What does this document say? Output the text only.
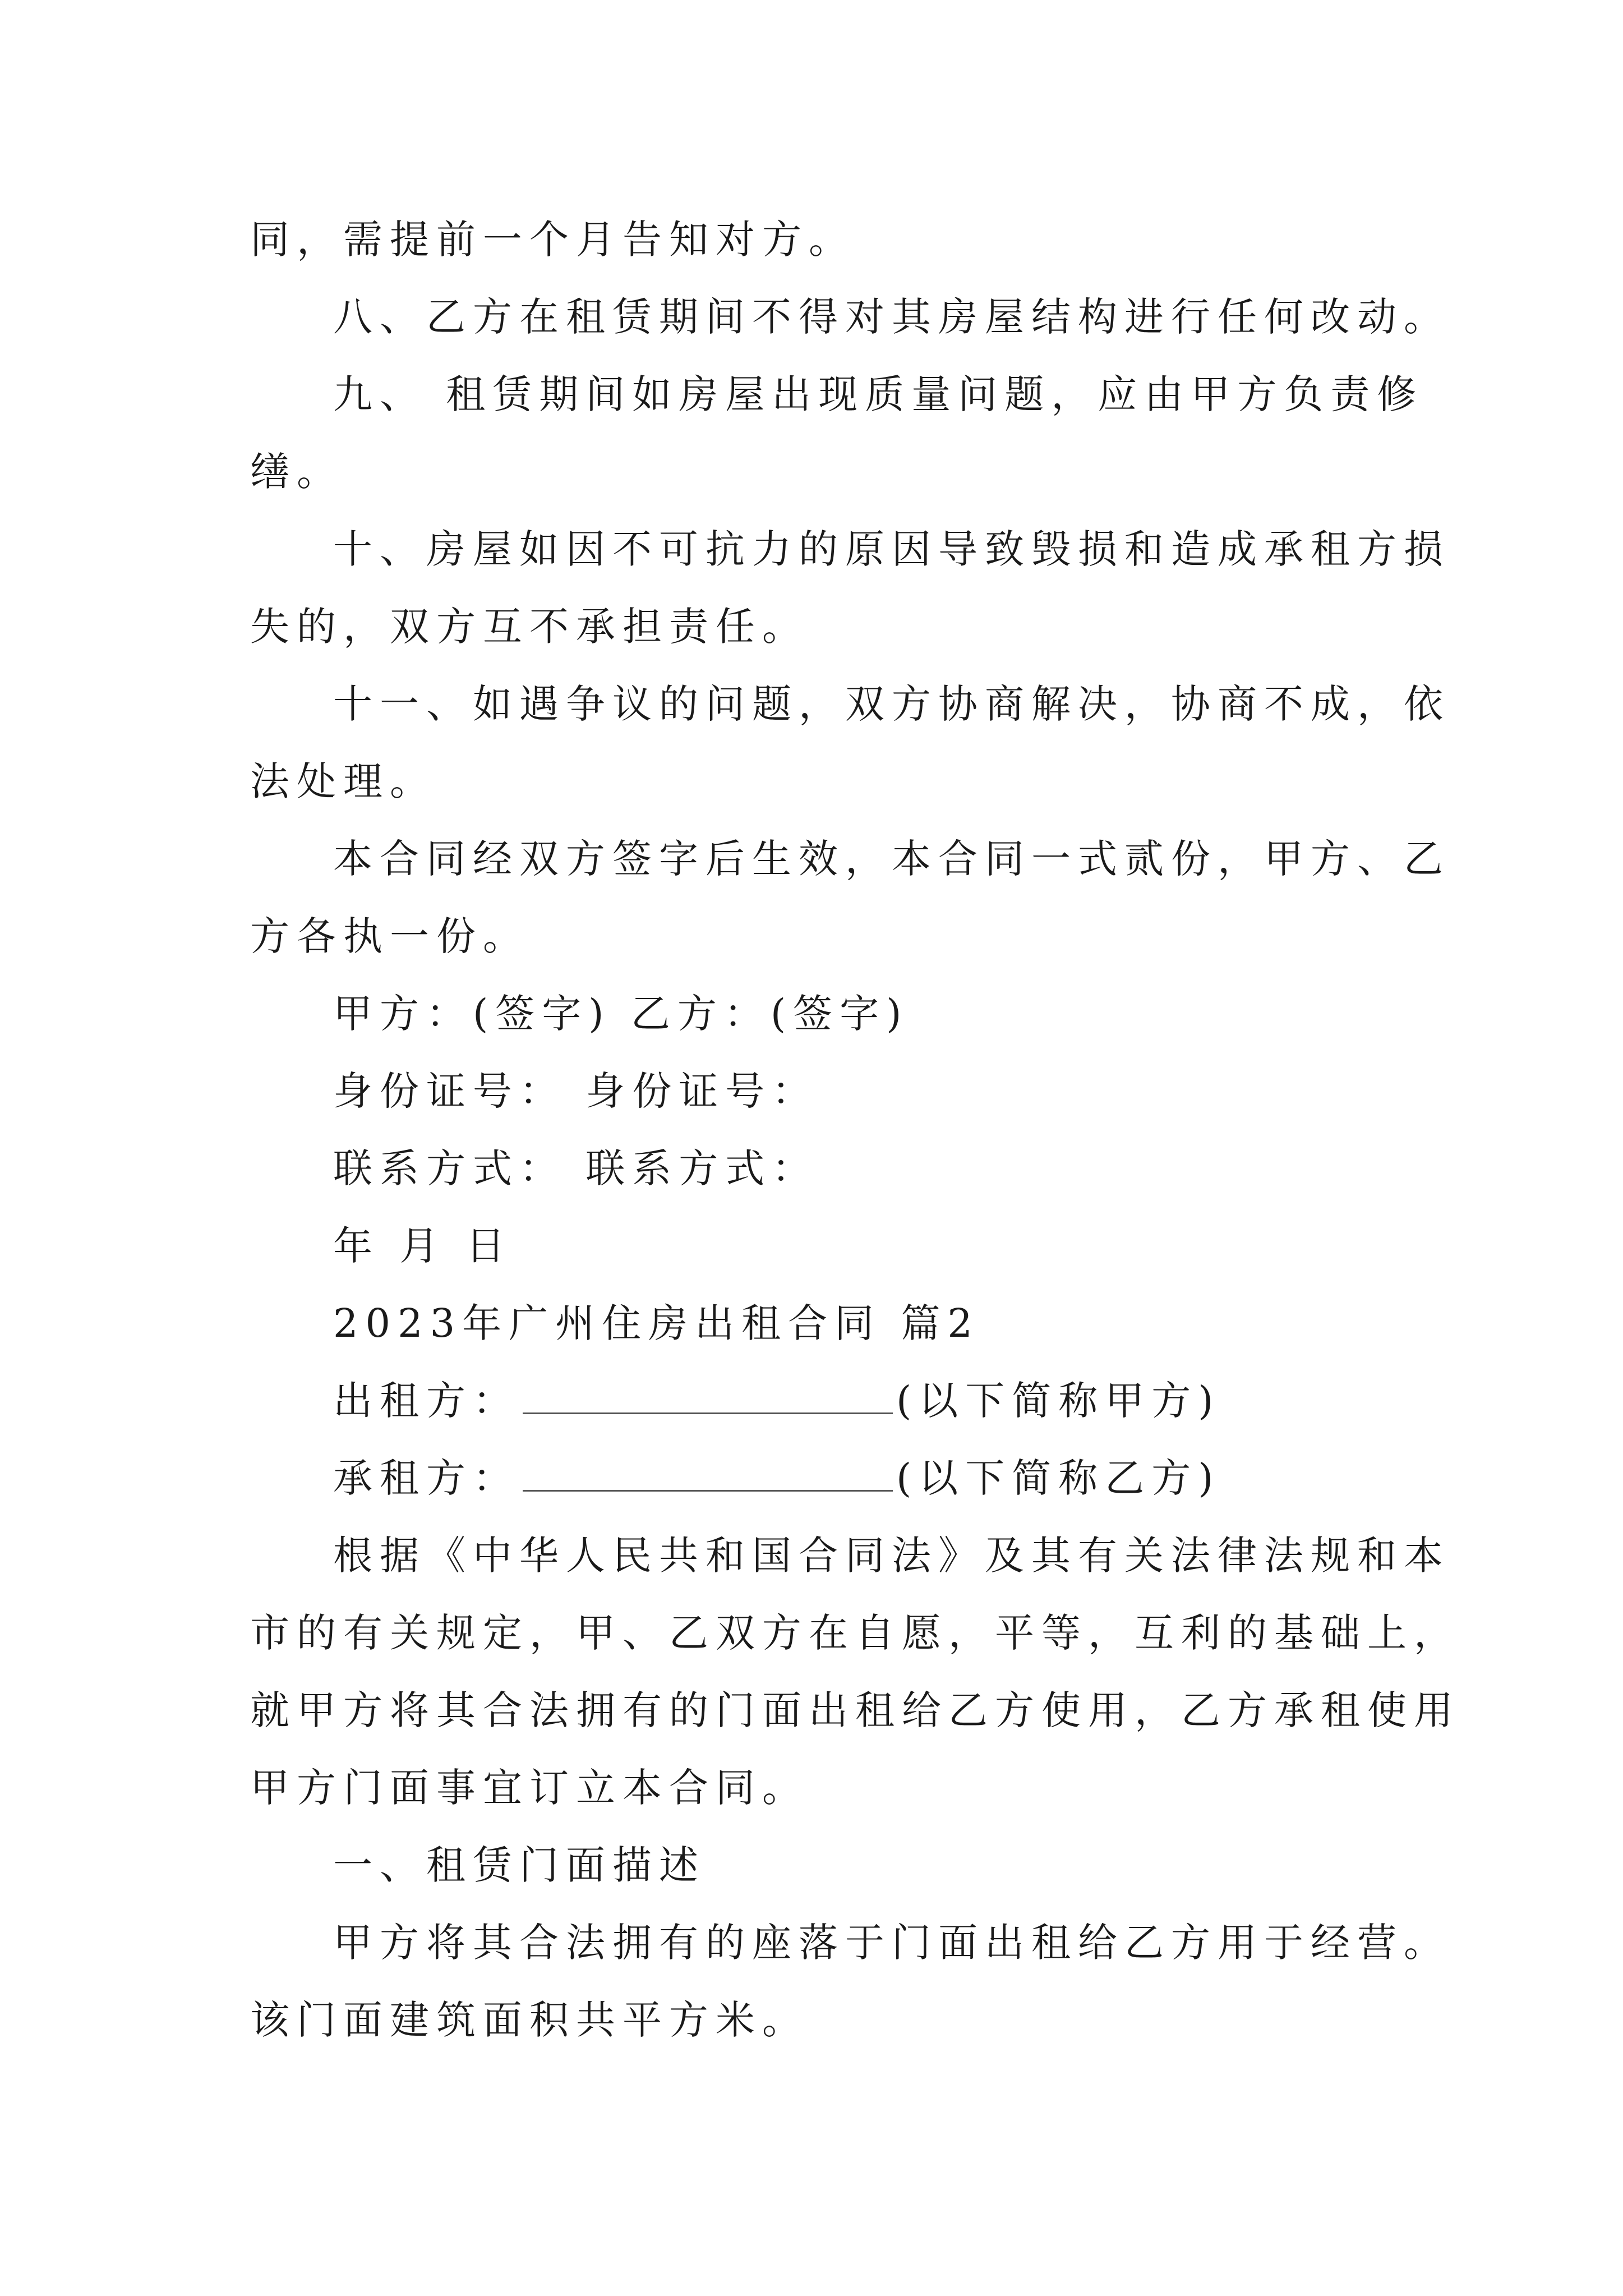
同，需提前一个月告知对方。

八、乙方在租赁期间不得对其房屋结构进行任何改动。

九、 租赁期间如房屋出现质量问题，应由甲方负责修

缮。

十、房屋如因不可抗力的原因导致毁损和造成承租方损

失的，双方互不承担责任。

十一、如遇争议的问题，双方协商解决，协商不成，依

法处理。

本合同经双方签字后生效，本合同一式贰份，甲方、乙

方各执一份。

甲方：(签字) 乙方：(签字)

身份证号： 身份证号：

联系方式： 联系方式：

年 月 日

2023年广州住房出租合同 篇2

出租方：	(以下简称甲方)

承租方：	(以下简称乙方)

根据《中华人民共和国合同法》及其有关法律法规和本

市的有关规定，甲、乙双方在自愿，平等，互利的基础上，

就甲方将其合法拥有的门面出租给乙方使用，乙方承租使用

甲方门面事宜订立本合同。

一、租赁门面描述

甲方将其合法拥有的座落于门面出租给乙方用于经营。

该门面建筑面积共平方米。
